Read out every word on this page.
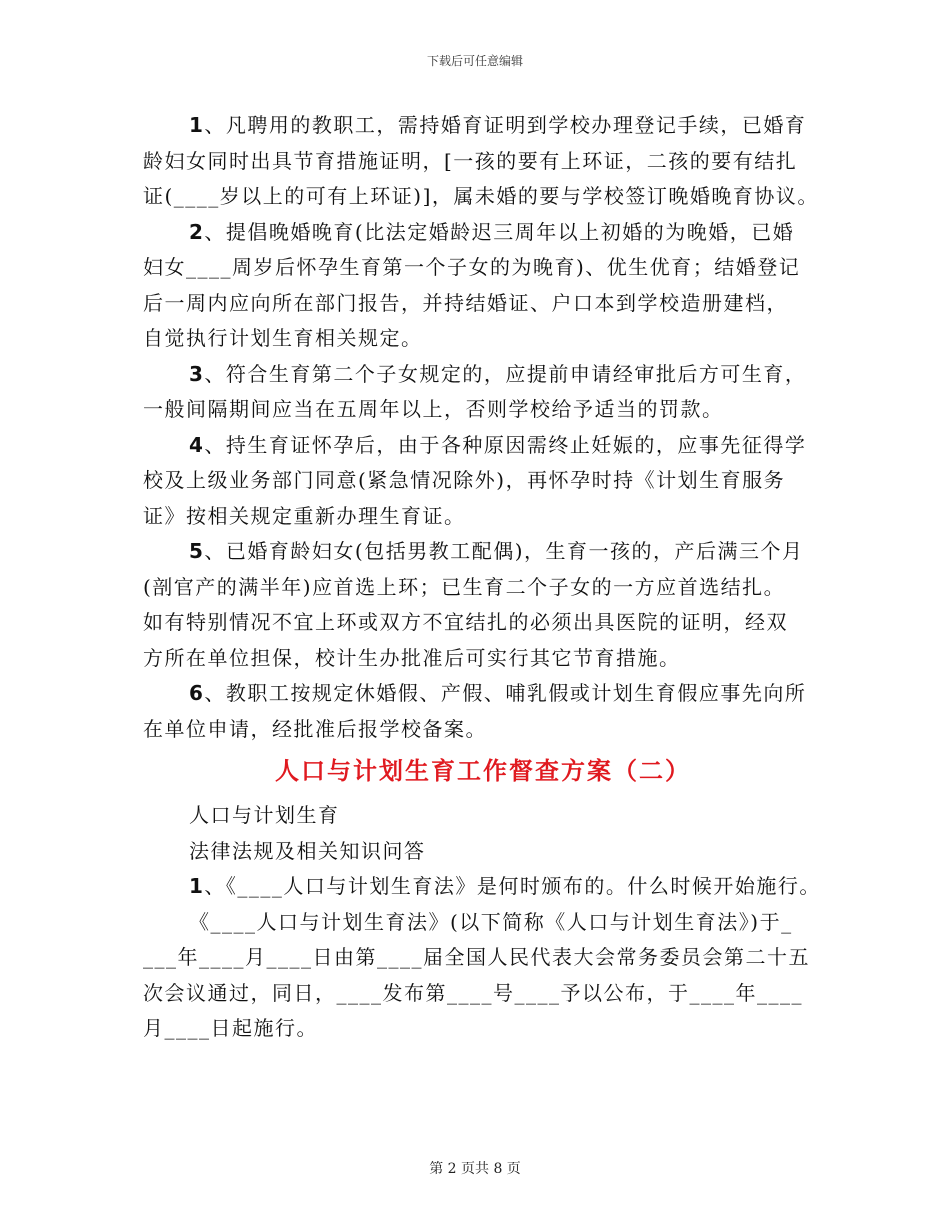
下载后可任意编辑

1、凡聘用的教职工，需持婚育证明到学校办理登记手续，已婚育
龄妇女同时出具节育措施证明，[一孩的要有上环证，二孩的要有结扎
证(____岁以上的可有上环证)]，属未婚的要与学校签订晚婚晚育协议。

2、提倡晚婚晚育(比法定婚龄迟三周年以上初婚的为晚婚，已婚
妇女____周岁后怀孕生育第一个子女的为晚育)、优生优育；结婚登记
后一周内应向所在部门报告，并持结婚证、户口本到学校造册建档，
自觉执行计划生育相关规定。

3、符合生育第二个子女规定的，应提前申请经审批后方可生育，
一般间隔期间应当在五周年以上，否则学校给予适当的罚款。

4、持生育证怀孕后，由于各种原因需终止妊娠的，应事先征得学
校及上级业务部门同意(紧急情况除外)，再怀孕时持《计划生育服务
证》按相关规定重新办理生育证。

5、已婚育龄妇女(包括男教工配偶)，生育一孩的，产后满三个月
(剖官产的满半年)应首选上环；已生育二个子女的一方应首选结扎。
如有特别情况不宜上环或双方不宜结扎的必须出具医院的证明，经双
方所在单位担保，校计生办批准后可实行其它节育措施。

6、教职工按规定休婚假、产假、哺乳假或计划生育假应事先向所
在单位申请，经批准后报学校备案。

人口与计划生育工作督查方案（二）

人口与计划生育

法律法规及相关知识问答

1、《____人口与计划生育法》是何时颁布的。什么时候开始施行。

《____人口与计划生育法》(以下简称《人口与计划生育法》)于_
___年____月____日由第____届全国人民代表大会常务委员会第二十五
次会议通过，同日，____发布第____号____予以公布，于____年____
月____日起施行。

第 2 页共 8 页
